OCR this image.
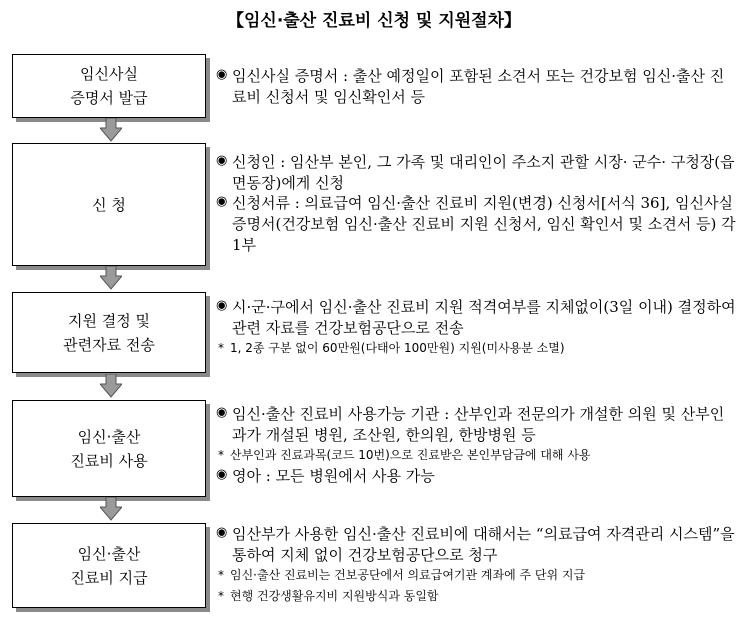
【임신·출산 진료비 신청 및 지원절차】
임신사실
증명서 발급
◉ 임신사실 증명서 : 출산 예정일이 포함된 소견서 또는 건강보험 임신·출산 진료비 신청서 및 임신확인서 등
신 청
◉ 신청인 : 임산부 본인, 그 가족 및 대리인이 주소지 관할 시장· 군수· 구청장(읍면동장)에게 신청
◉ 신청서류 : 의료급여 임신·출산 진료비 지원(변경) 신청서[서식 36], 임신사실 증명서(건강보험 임신·출산 진료비 지원 신청서, 임신 확인서 및 소견서 등) 각 1부
지원 결정 및
관련자료 전송
◉ 시·군·구에서 임신·출산 진료비 지원 적격여부를 지체없이(3일 이내) 결정하여 관련 자료를 건강보험공단으로 전송
* 1, 2종 구분 없이 60만원(다태아 100만원) 지원(미사용분 소멸)
임신·출산
진료비 사용
◉ 임신·출산 진료비 사용가능 기관 : 산부인과 전문의가 개설한 의원 및 산부인과가 개설된 병원, 조산원, 한의원, 한방병원 등
* 산부인과 진료과목(코드 10번)으로 진료받은 본인부담금에 대해 사용
◉ 영아 : 모든 병원에서 사용 가능
임신·출산
진료비 지급
◉ 임산부가 사용한 임신·출산 진료비에 대해서는 “의료급여 자격관리 시스템”을 통하여 지체 없이 건강보험공단으로 청구
* 임신·출산 진료비는 건보공단에서 의료급여기관 계좌에 주 단위 지급
* 현행 건강생활유지비 지원방식과 동일함
